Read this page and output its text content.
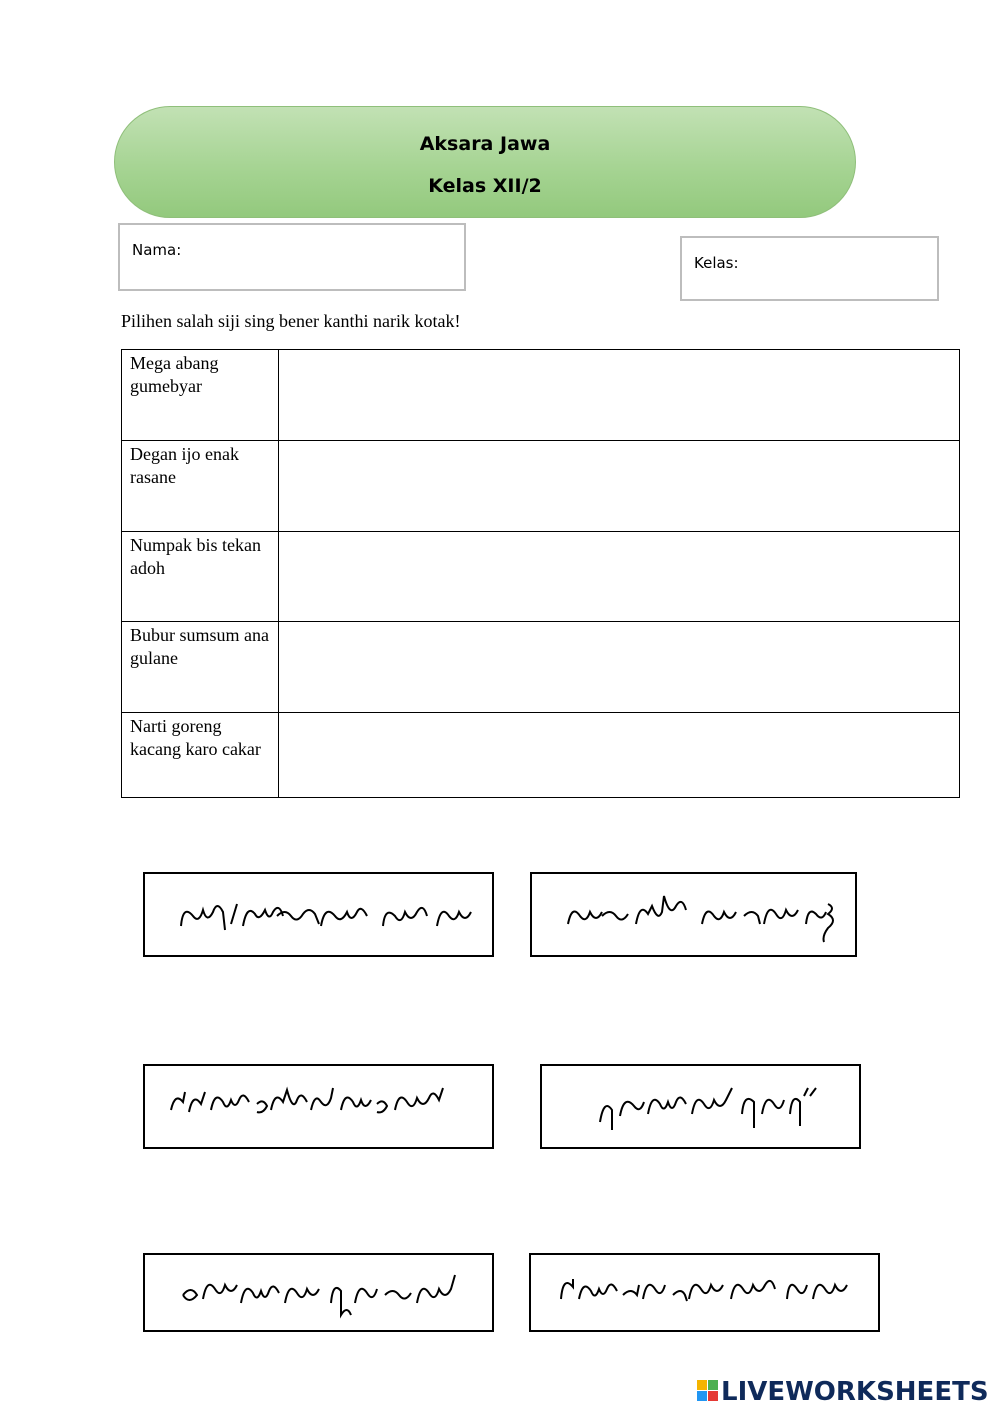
Aksara Jawa
Kelas XII/2
Nama:
Kelas:
Pilihen salah siji sing bener kanthi narik kotak!
Mega abang gumebyar	
Degan ijo enak rasane	
Numpak bis tekan adoh	
Bubur sumsum ana gulane	
Narti goreng kacang karo cakar	
LIVEWORKSHEETS
